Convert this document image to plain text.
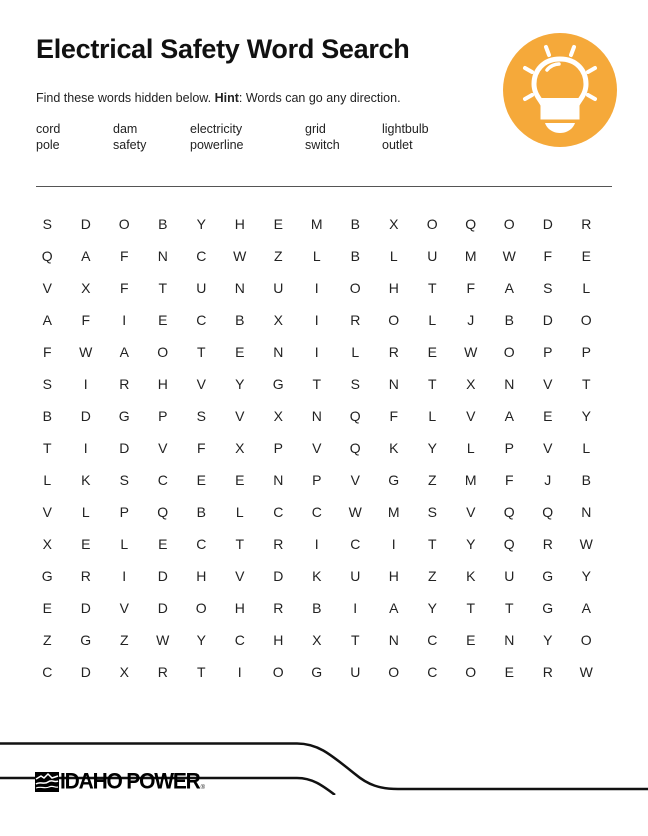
Electrical Safety Word Search
Find these words hidden below. Hint: Words can go any direction.
cord	dam	electricity	grid	lightbulb
pole	safety	powerline	switch	outlet
S	D	O	B	Y	H	E	M	B	X	O	Q	O	D	R
Q	A	F	N	C	W	Z	L	B	L	U	M	W	F	E
V	X	F	T	U	N	U	I	O	H	T	F	A	S	L
A	F	I	E	C	B	X	I	R	O	L	J	B	D	O
F	W	A	O	T	E	N	I	L	R	E	W	O	P	P
S	I	R	H	V	Y	G	T	S	N	T	X	N	V	T
B	D	G	P	S	V	X	N	Q	F	L	V	A	E	Y
T	I	D	V	F	X	P	V	Q	K	Y	L	P	V	L
L	K	S	C	E	E	N	P	V	G	Z	M	F	J	B
V	L	P	Q	B	L	C	C	W	M	S	V	Q	Q	N
X	E	L	E	C	T	R	I	C	I	T	Y	Q	R	W
G	R	I	D	H	V	D	K	U	H	Z	K	U	G	Y
E	D	V	D	O	H	R	B	I	A	Y	T	T	G	A
Z	G	Z	W	Y	C	H	X	T	N	C	E	N	Y	O
C	D	X	R	T	I	O	G	U	O	C	O	E	R	W
IDAHO POWER ®
